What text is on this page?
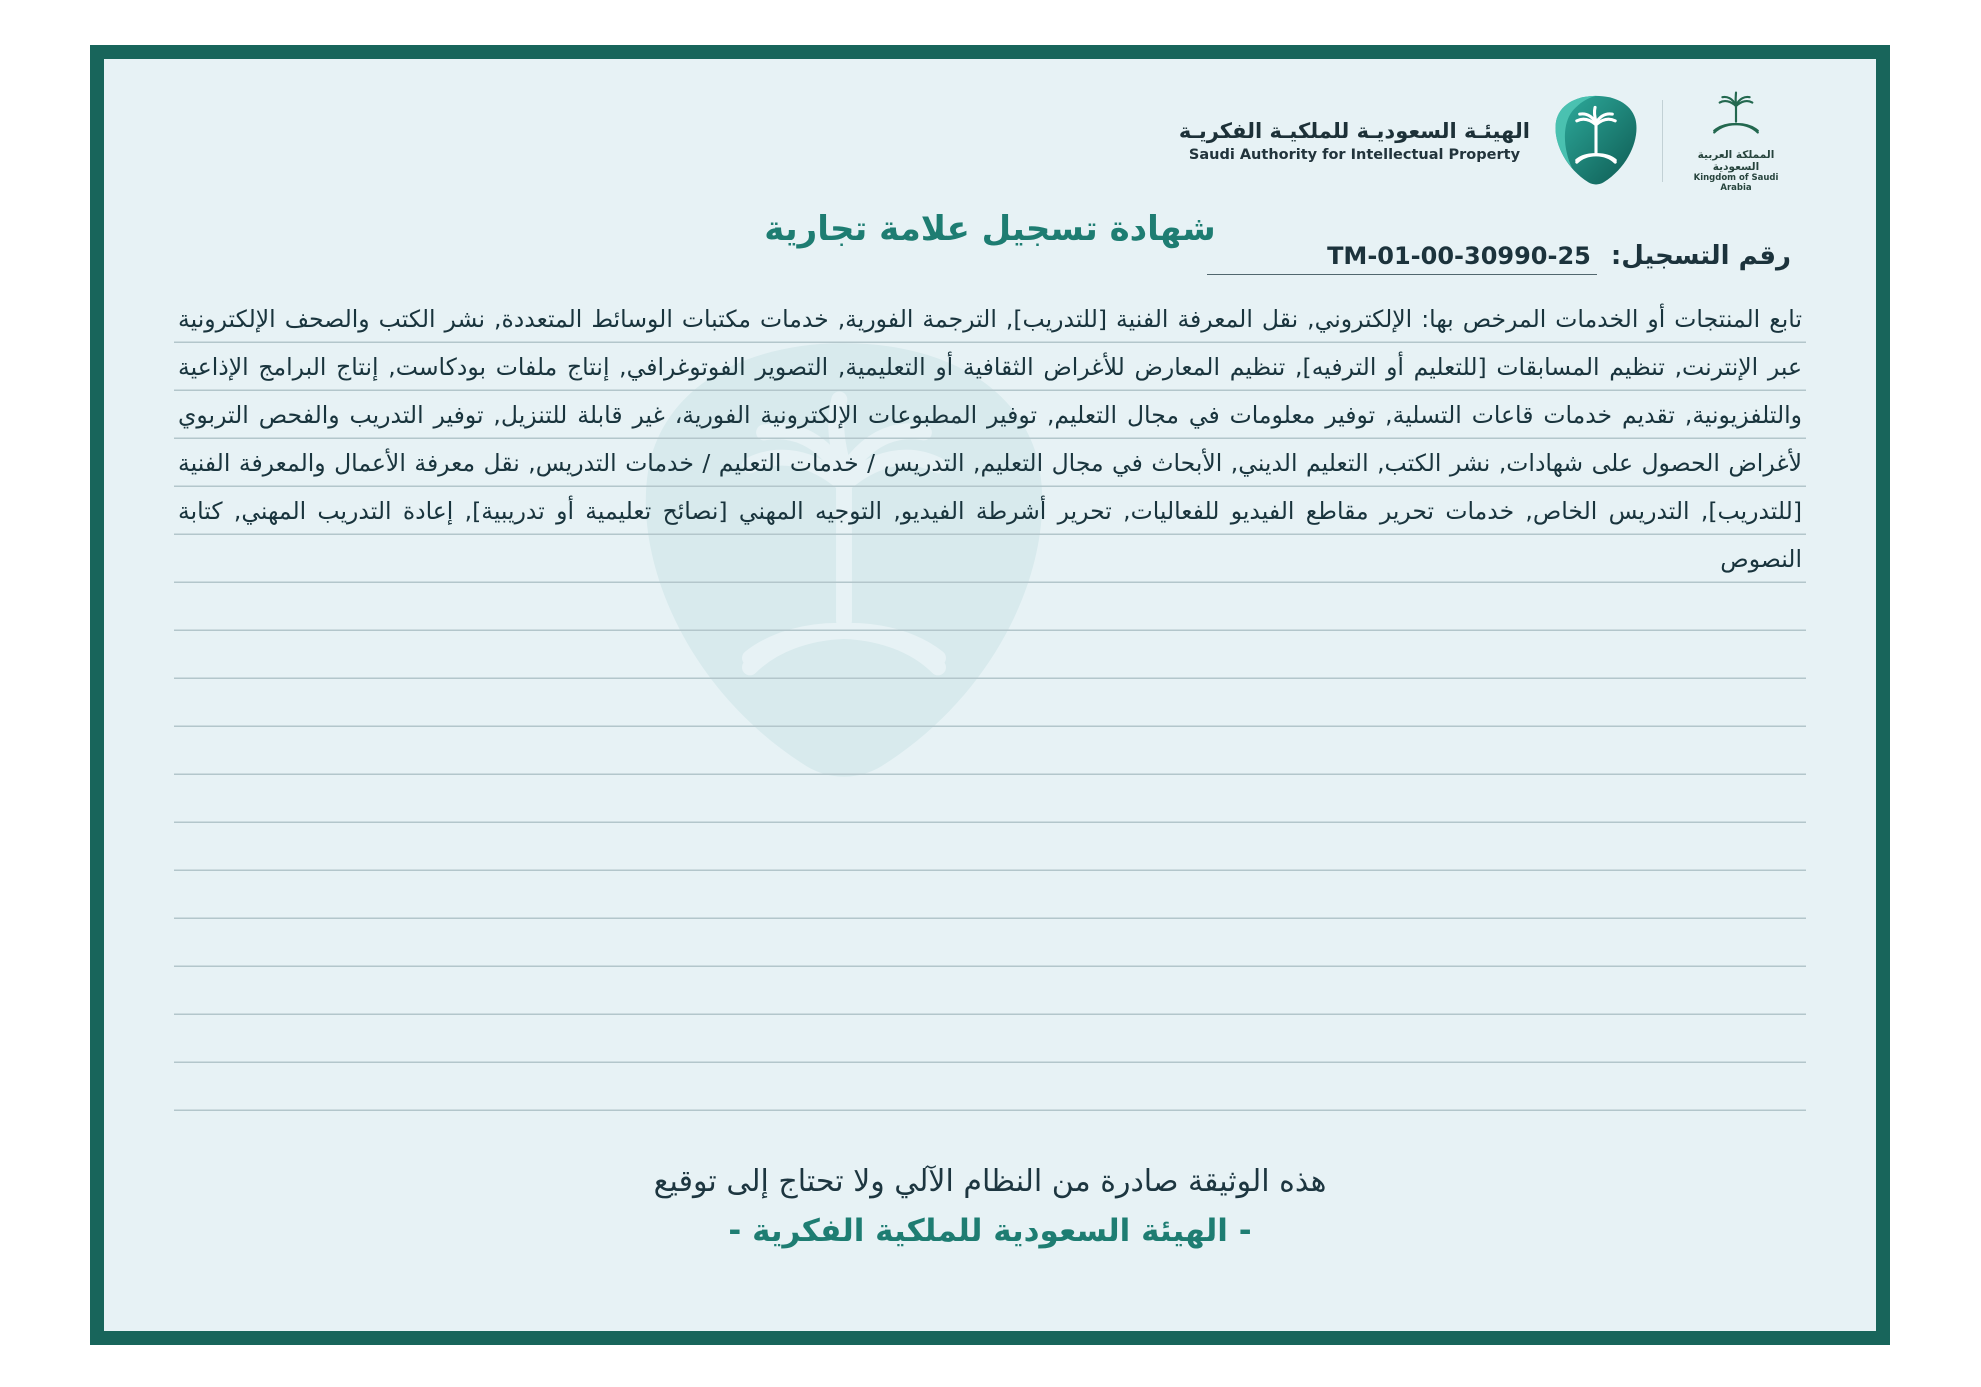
الهيئـة السعوديـة للملكيـة الفكريـة
Saudi Authority for Intellectual Property	المملكة العربية السعودية
Kingdom of Saudi Arabia
شهادة تسجيل علامة تجارية
رقم التسجيل:TM-01-00-30990-25

تابع المنتجات أو الخدمات المرخص بها: الإلكتروني, نقل المعرفة الفنية [للتدريب], الترجمة الفورية, خدمات مكتبات الوسائط المتعددة, نشر الكتب والصحف الإلكترونية عبر الإنترنت, تنظيم المسابقات [للتعليم أو الترفيه], تنظيم المعارض للأغراض الثقافية أو التعليمية, التصوير الفوتوغرافي, إنتاج ملفات بودكاست, إنتاج البرامج الإذاعية والتلفزيونية, تقديم خدمات قاعات التسلية, توفير معلومات في مجال التعليم, توفير المطبوعات الإلكترونية الفورية، غير قابلة للتنزيل, توفير التدريب والفحص التربوي لأغراض الحصول على شهادات, نشر الكتب, التعليم الديني, الأبحاث في مجال التعليم, التدريس / خدمات التعليم / خدمات التدريس, نقل معرفة الأعمال والمعرفة الفنية [للتدريب], التدريس الخاص, خدمات تحرير مقاطع الفيديو للفعاليات, تحرير أشرطة الفيديو, التوجيه المهني [نصائح تعليمية أو تدريبية], إعادة التدريب المهني, كتابة النصوص

هذه الوثيقة صادرة من النظام الآلي ولا تحتاج إلى توقيع
- الهيئة السعودية للملكية الفكرية -
